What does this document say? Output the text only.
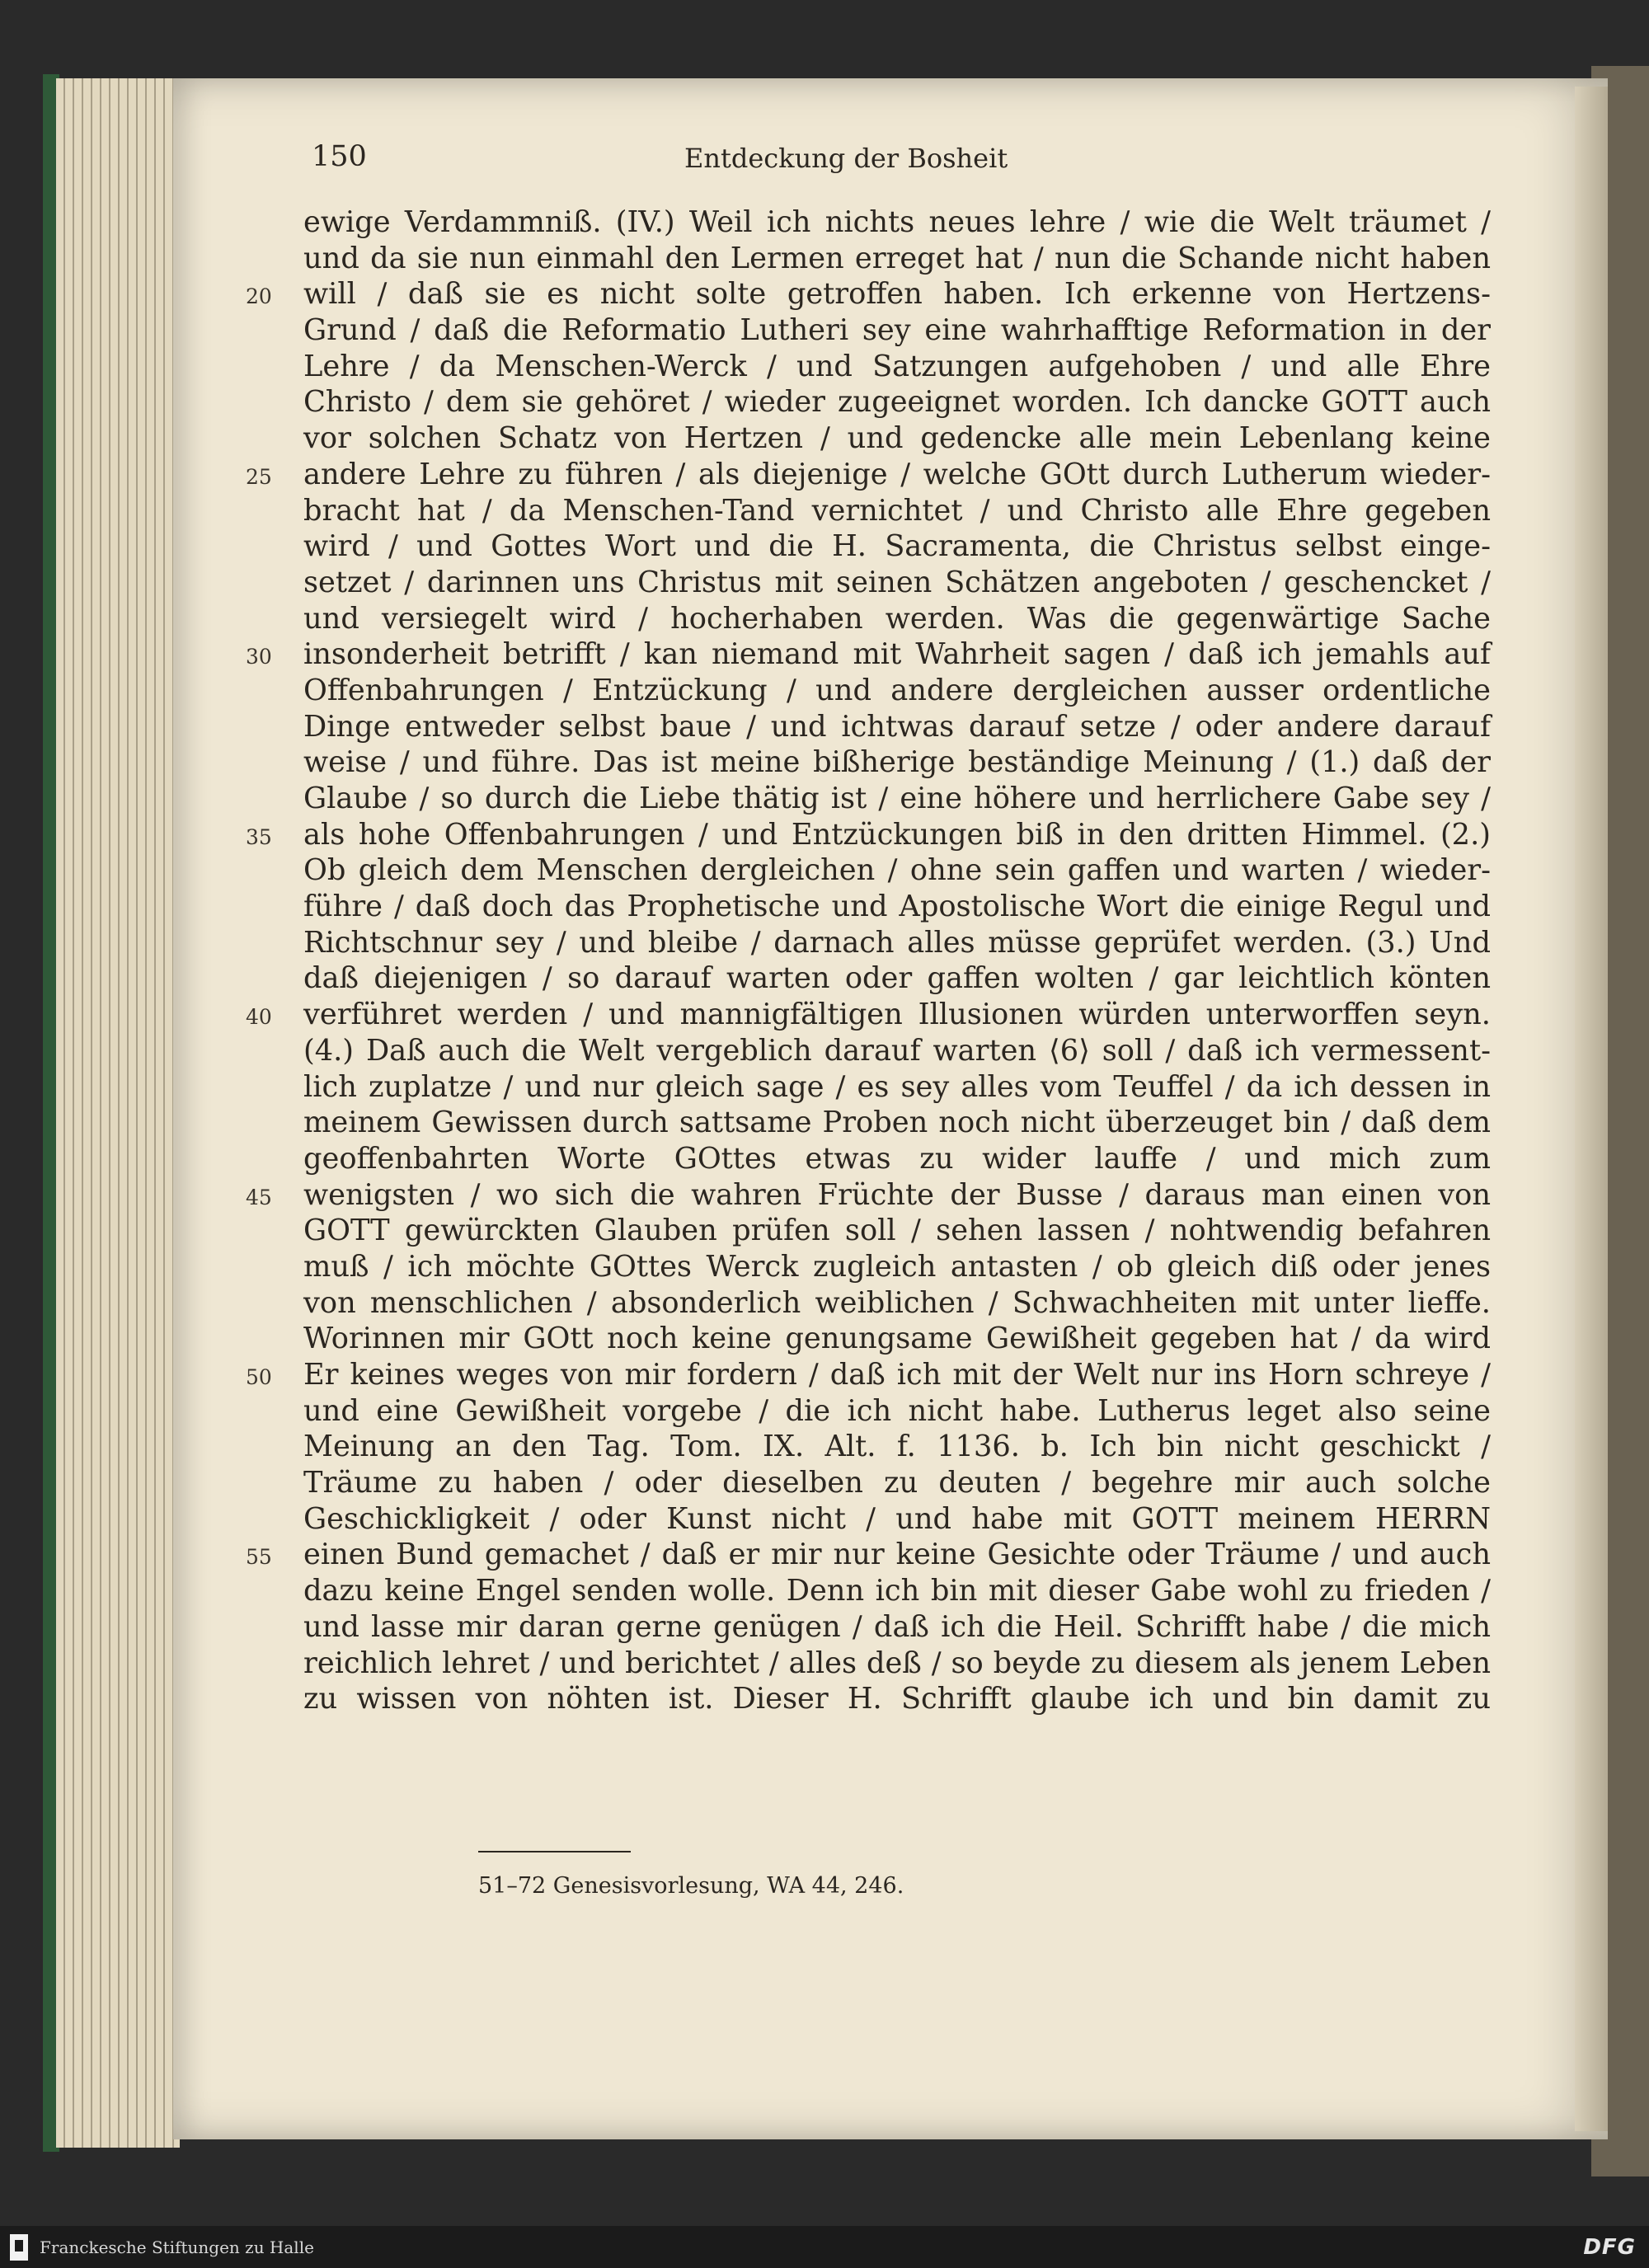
150	Entdeckung der Bosheit
ewige Verdammniß. (IV.) Weil ich nichts neues lehre / wie die Welt träumet /
und da sie nun einmahl den Lermen erreget hat / nun die Schande nicht haben
20	will / daß sie es nicht solte getroffen haben. Ich erkenne von Hertzens-
Grund / daß die Reformatio Lutheri sey eine wahrhafftige Reformation in der
Lehre / da Menschen-Werck / und Satzungen aufgehoben / und alle Ehre
Christo / dem sie gehöret / wieder zugeeignet worden. Ich dancke GOTT auch
vor solchen Schatz von Hertzen / und gedencke alle mein Lebenlang keine
25	andere Lehre zu führen / als diejenige / welche GOtt durch Lutherum wieder-
bracht hat / da Menschen-Tand vernichtet / und Christo alle Ehre gegeben
wird / und Gottes Wort und die H. Sacramenta, die Christus selbst einge-
setzet / darinnen uns Christus mit seinen Schätzen angeboten / geschencket /
und versiegelt wird / hocherhaben werden. Was die gegenwärtige Sache
30	insonderheit betrifft / kan niemand mit Wahrheit sagen / daß ich jemahls auf
Offenbahrungen / Entzückung / und andere dergleichen ausser ordentliche
Dinge entweder selbst baue / und ichtwas darauf setze / oder andere darauf
weise / und führe. Das ist meine bißherige beständige Meinung / (1.) daß der
Glaube / so durch die Liebe thätig ist / eine höhere und herrlichere Gabe sey /
35	als hohe Offenbahrungen / und Entzückungen biß in den dritten Himmel. (2.)
Ob gleich dem Menschen dergleichen / ohne sein gaffen und warten / wieder-
führe / daß doch das Prophetische und Apostolische Wort die einige Regul und
Richtschnur sey / und bleibe / darnach alles müsse geprüfet werden. (3.) Und
daß diejenigen / so darauf warten oder gaffen wolten / gar leichtlich könten
40	verführet werden / und mannigfältigen Illusionen würden unterworffen seyn.
(4.) Daß auch die Welt vergeblich darauf warten ⟨6⟩ soll / daß ich vermessent-
lich zuplatze / und nur gleich sage / es sey alles vom Teuffel / da ich dessen in
meinem Gewissen durch sattsame Proben noch nicht überzeuget bin / daß dem
geoffenbahrten Worte GOttes etwas zu wider lauffe / und mich zum
45	wenigsten / wo sich die wahren Früchte der Busse / daraus man einen von
GOTT gewürckten Glauben prüfen soll / sehen lassen / nohtwendig befahren
muß / ich möchte GOttes Werck zugleich antasten / ob gleich diß oder jenes
von menschlichen / absonderlich weiblichen / Schwachheiten mit unter lieffe.
Worinnen mir GOtt noch keine genungsame Gewißheit gegeben hat / da wird
50	Er keines weges von mir fordern / daß ich mit der Welt nur ins Horn schreye /
und eine Gewißheit vorgebe / die ich nicht habe. Lutherus leget also seine
Meinung an den Tag. Tom. IX. Alt. f. 1136. b. Ich bin nicht geschickt /
Träume zu haben / oder dieselben zu deuten / begehre mir auch solche
Geschickligkeit / oder Kunst nicht / und habe mit GOTT meinem HERRN
55	einen Bund gemachet / daß er mir nur keine Gesichte oder Träume / und auch
dazu keine Engel senden wolle. Denn ich bin mit dieser Gabe wohl zu frieden /
und lasse mir daran gerne genügen / daß ich die Heil. Schrifft habe / die mich
reichlich lehret / und berichtet / alles deß / so beyde zu diesem als jenem Leben
zu wissen von nöhten ist. Dieser H. Schrifft glaube ich und bin damit zu
51–72 Genesisvorlesung, WA 44, 246.
Franckesche Stiftungen zu Halle	DFG
